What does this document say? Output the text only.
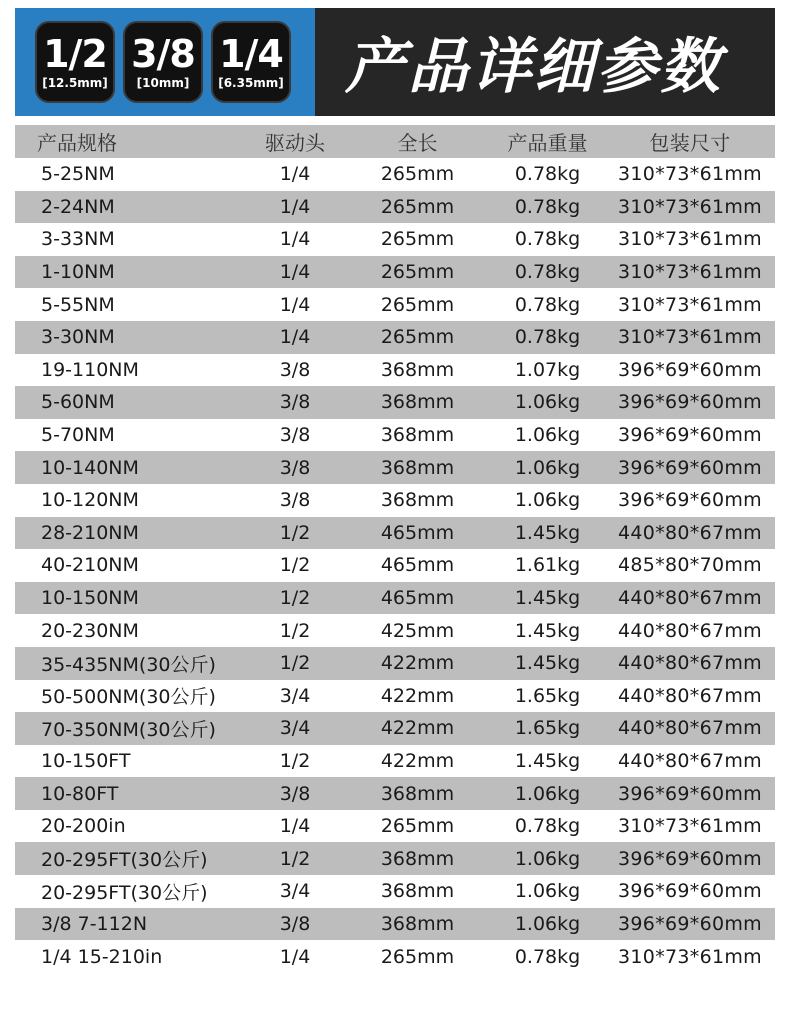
1/2
[12.5mm]
3/8
[10mm]
1/4
[6.35mm] 产品详细参数
产品规格	驱动头	全长	产品重量	包装尺寸
5-25NM	1/4	265mm	0.78kg	310*73*61mm
2-24NM	1/4	265mm	0.78kg	310*73*61mm
3-33NM	1/4	265mm	0.78kg	310*73*61mm
1-10NM	1/4	265mm	0.78kg	310*73*61mm
5-55NM	1/4	265mm	0.78kg	310*73*61mm
3-30NM	1/4	265mm	0.78kg	310*73*61mm
19-110NM	3/8	368mm	1.07kg	396*69*60mm
5-60NM	3/8	368mm	1.06kg	396*69*60mm
5-70NM	3/8	368mm	1.06kg	396*69*60mm
10-140NM	3/8	368mm	1.06kg	396*69*60mm
10-120NM	3/8	368mm	1.06kg	396*69*60mm
28-210NM	1/2	465mm	1.45kg	440*80*67mm
40-210NM	1/2	465mm	1.61kg	485*80*70mm
10-150NM	1/2	465mm	1.45kg	440*80*67mm
20-230NM	1/2	425mm	1.45kg	440*80*67mm
35-435NM(30公斤)	1/2	422mm	1.45kg	440*80*67mm
50-500NM(30公斤)	3/4	422mm	1.65kg	440*80*67mm
70-350NM(30公斤)	3/4	422mm	1.65kg	440*80*67mm
10-150FT	1/2	422mm	1.45kg	440*80*67mm
10-80FT	3/8	368mm	1.06kg	396*69*60mm
20-200in	1/4	265mm	0.78kg	310*73*61mm
20-295FT(30公斤)	1/2	368mm	1.06kg	396*69*60mm
20-295FT(30公斤)	3/4	368mm	1.06kg	396*69*60mm
3/8 7-112N	3/8	368mm	1.06kg	396*69*60mm
1/4 15-210in	1/4	265mm	0.78kg	310*73*61mm
